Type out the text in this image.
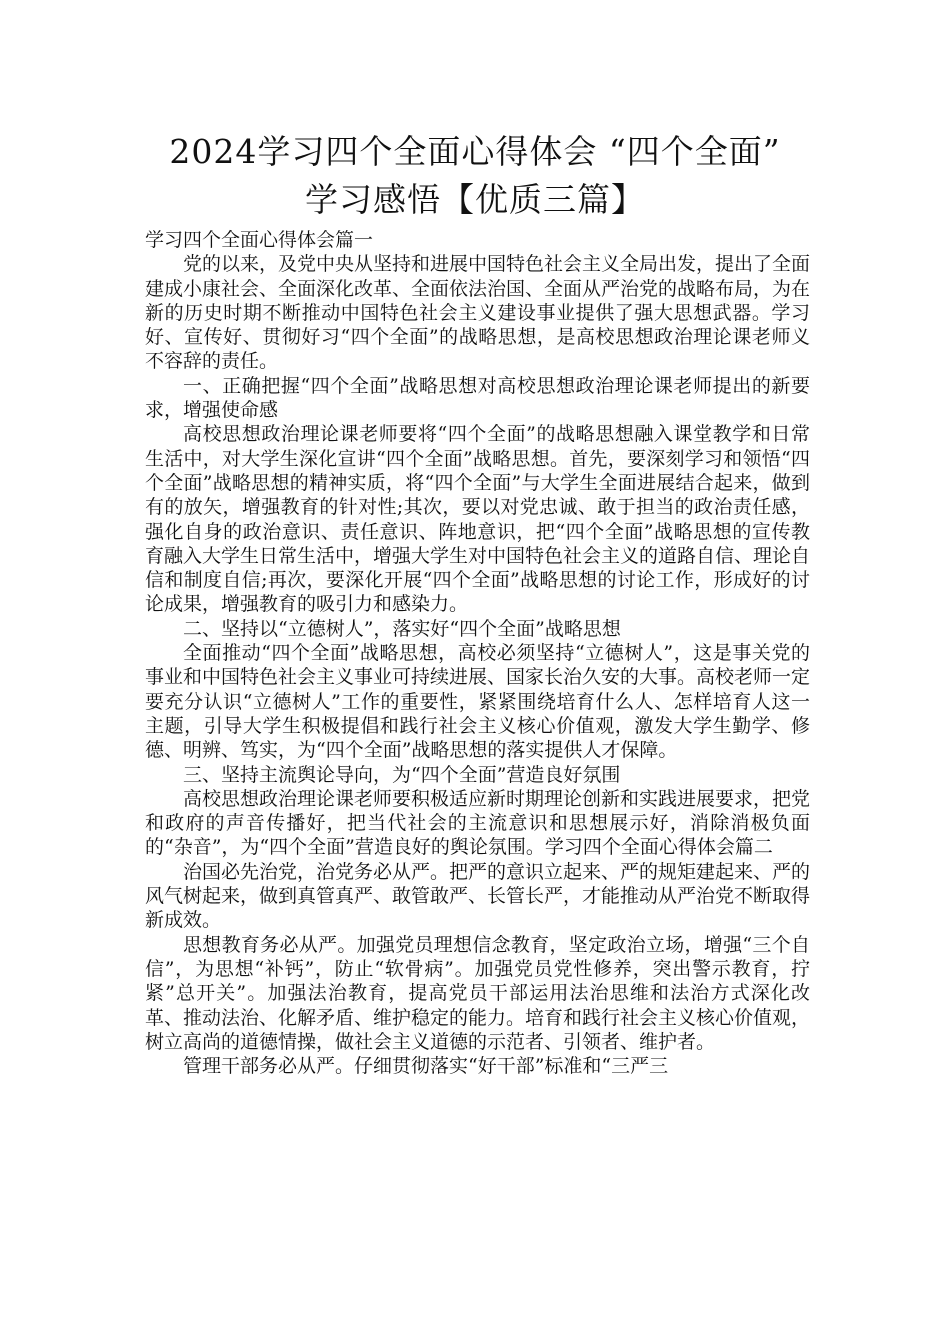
2024学习四个全面心得体会 “四个全面”
学习感悟【优质三篇】

学习四个全面心得体会篇一

党的以来，及党中央从坚持和进展中国特色社会主义全局出发，提出了全面建成小康社会、全面深化改革、全面依法治国、全面从严治党的战略布局，为在新的历史时期不断推动中国特色社会主义建设事业提供了强大思想武器。学习好、宣传好、贯彻好习“四个全面”的战略思想，是高校思想政治理论课老师义不容辞的责任。

一、正确把握“四个全面”战略思想对高校思想政治理论课老师提出的新要求，增强使命感

高校思想政治理论课老师要将“四个全面”的战略思想融入课堂教学和日常生活中，对大学生深化宣讲“四个全面”战略思想。首先，要深刻学习和领悟“四个全面”战略思想的精神实质，将“四个全面”与大学生全面进展结合起来，做到有的放矢，增强教育的针对性;其次，要以对党忠诚、敢于担当的政治责任感，强化自身的政治意识、责任意识、阵地意识，把“四个全面”战略思想的宣传教育融入大学生日常生活中，增强大学生对中国特色社会主义的道路自信、理论自信和制度自信;再次，要深化开展“四个全面”战略思想的讨论工作，形成好的讨论成果，增强教育的吸引力和感染力。

二、坚持以“立德树人”，落实好“四个全面”战略思想

全面推动“四个全面”战略思想，高校必须坚持“立德树人”，这是事关党的事业和中国特色社会主义事业可持续进展、国家长治久安的大事。高校老师一定要充分认识“立德树人”工作的重要性，紧紧围绕培育什么人、怎样培育人这一主题，引导大学生积极提倡和践行社会主义核心价值观，激发大学生勤学、修德、明辨、笃实，为“四个全面”战略思想的落实提供人才保障。

三、坚持主流舆论导向，为“四个全面”营造良好氛围

高校思想政治理论课老师要积极适应新时期理论创新和实践进展要求，把党和政府的声音传播好，把当代社会的主流意识和思想展示好，消除消极负面的“杂音”，为“四个全面”营造良好的舆论氛围。学习四个全面心得体会篇二

治国必先治党，治党务必从严。把严的意识立起来、严的规矩建起来、严的风气树起来，做到真管真严、敢管敢严、长管长严，才能推动从严治党不断取得新成效。

思想教育务必从严。加强党员理想信念教育，坚定政治立场，增强“三个自信”，为思想“补钙”，防止“软骨病”。加强党员党性修养，突出警示教育，拧紧”总开关”。加强法治教育，提高党员干部运用法治思维和法治方式深化改革、推动法治、化解矛盾、维护稳定的能力。培育和践行社会主义核心价值观，树立高尚的道德情操，做社会主义道德的示范者、引领者、维护者。

管理干部务必从严。仔细贯彻落实“好干部”标准和“三严三
